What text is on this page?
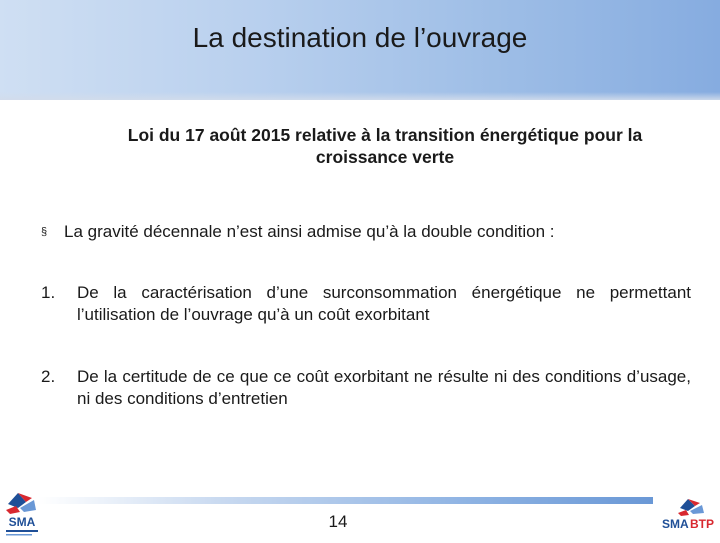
La destination de l’ouvrage
Loi du 17 août 2015 relative à la transition énergétique pour la croissance verte
§ La gravité décennale n’est ainsi admise qu’à la double condition :
1.	De la caractérisation d’une surconsommation énergétique ne permettant l’utilisation de l’ouvrage qu’à un coût exorbitant
2.	De la certitude de ce que ce coût exorbitant ne résulte ni des conditions d’usage, ni des conditions d’entretien
14
SMA	SMA BTP
